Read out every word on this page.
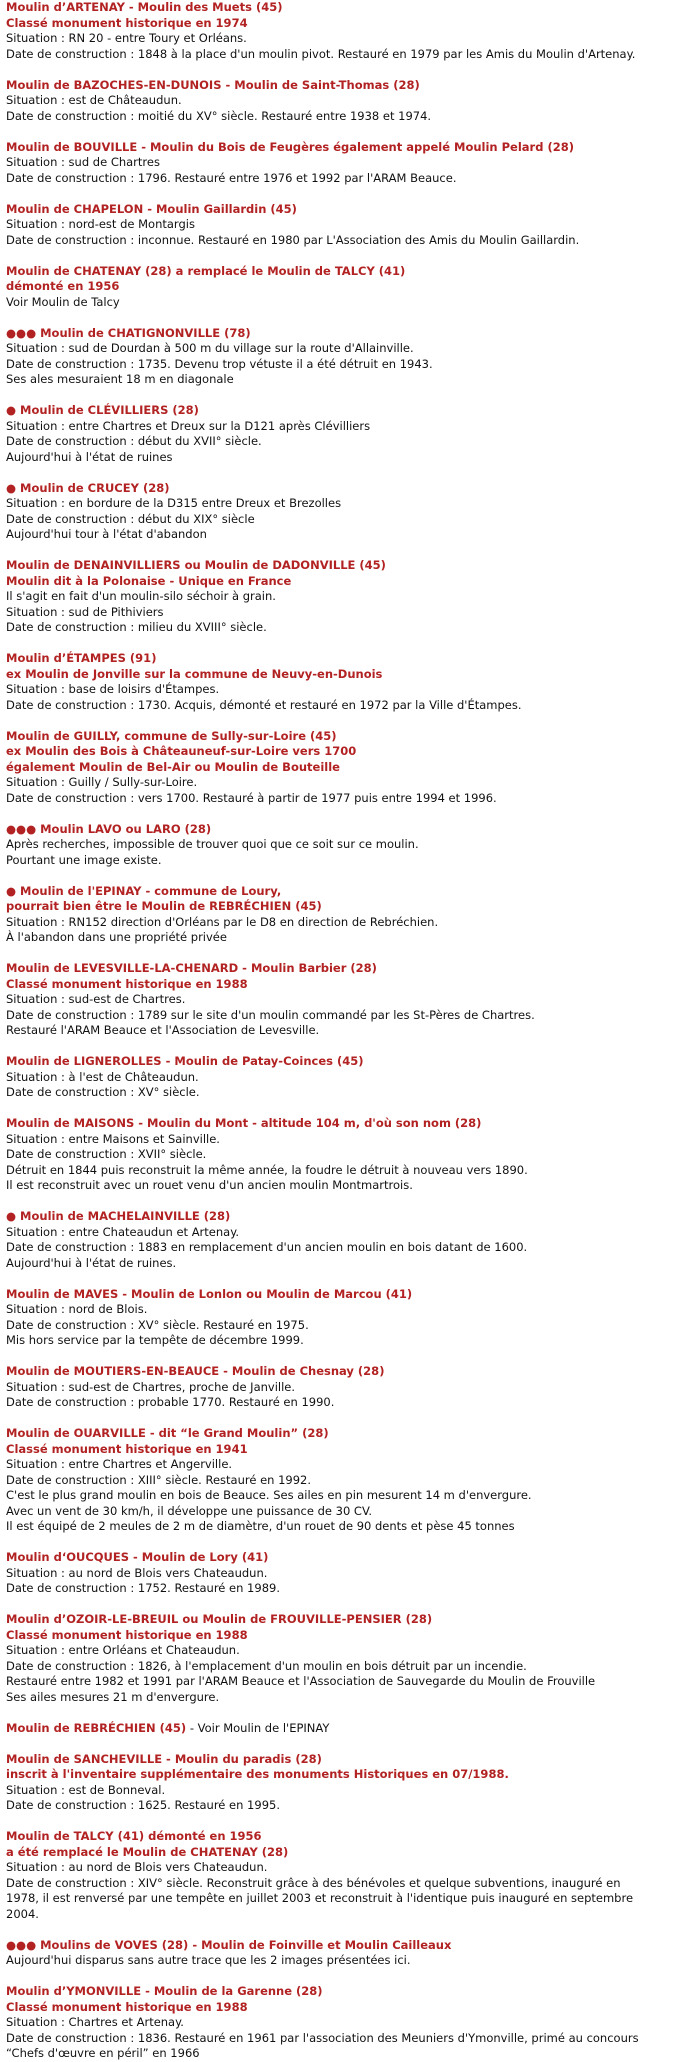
Moulin d’ARTENAY - Moulin des Muets (45)
Classé monument historique en 1974
Situation : RN 20 - entre Toury et Orléans.
Date de construction : 1848 à la place d'un moulin pivot. Restauré en 1979 par les Amis du Moulin d'Artenay.
Moulin de BAZOCHES-EN-DUNOIS - Moulin de Saint-Thomas (28)
Situation : est de Châteaudun.
Date de construction : moitié du XV° siècle. Restauré entre 1938 et 1974.
Moulin de BOUVILLE - Moulin du Bois de Feugères également appelé Moulin Pelard (28)
Situation : sud de Chartres
Date de construction : 1796. Restauré entre 1976 et 1992 par l'ARAM Beauce.
Moulin de CHAPELON - Moulin Gaillardin (45)
Situation : nord-est de Montargis
Date de construction : inconnue. Restauré en 1980 par L'Association des Amis du Moulin Gaillardin.
Moulin de CHATENAY (28) a remplacé le Moulin de TALCY (41)
démonté en 1956
Voir Moulin de Talcy
●●● Moulin de CHATIGNONVILLE (78)
Situation : sud de Dourdan à 500 m du village sur la route d'Allainville.
Date de construction : 1735. Devenu trop vétuste il a été détruit en 1943.
Ses ales mesuraient 18 m en diagonale
● Moulin de CLÉVILLIERS (28)
Situation : entre Chartres et Dreux sur la D121 après Clévilliers
Date de construction : début du XVII° siècle.
Aujourd'hui à l'état de ruines
● Moulin de CRUCEY (28)
Situation : en bordure de la D315 entre Dreux et Brezolles
Date de construction : début du XIX° siècle
Aujourd'hui tour à l'état d'abandon
Moulin de DENAINVILLIERS ou Moulin de DADONVILLE (45)
Moulin dit à la Polonaise - Unique en France
Il s'agit en fait d'un moulin-silo séchoir à grain.
Situation : sud de Pithiviers
Date de construction : milieu du XVIII° siècle.
Moulin d’ÉTAMPES (91)
ex Moulin de Jonville sur la commune de Neuvy-en-Dunois
Situation : base de loisirs d'Étampes.
Date de construction : 1730. Acquis, démonté et restauré en 1972 par la Ville d'Étampes.
Moulin de GUILLY, commune de Sully-sur-Loire (45)
ex Moulin des Bois à Châteauneuf-sur-Loire vers 1700
également Moulin de Bel-Air ou Moulin de Bouteille
Situation : Guilly / Sully-sur-Loire.
Date de construction : vers 1700. Restauré à partir de 1977 puis entre 1994 et 1996.
●●● Moulin LAVO ou LARO (28)
Après recherches, impossible de trouver quoi que ce soit sur ce moulin.
Pourtant une image existe.
● Moulin de l'EPINAY - commune de Loury,
pourrait bien être le Moulin de REBRÉCHIEN (45)
Situation : RN152 direction d'Orléans par le D8 en direction de Rebréchien.
À l'abandon dans une propriété privée
Moulin de LEVESVILLE-LA-CHENARD - Moulin Barbier (28)
Classé monument historique en 1988
Situation : sud-est de Chartres.
Date de construction : 1789 sur le site d'un moulin commandé par les St-Pères de Chartres.
Restauré l'ARAM Beauce et l'Association de Levesville.
Moulin de LIGNEROLLES - Moulin de Patay-Coinces (45)
Situation : à l'est de Châteaudun.
Date de construction : XV° siècle.
Moulin de MAISONS - Moulin du Mont - altitude 104 m, d'où son nom (28)
Situation : entre Maisons et Sainville.
Date de construction : XVII° siècle.
Détruit en 1844 puis reconstruit la même année, la foudre le détruit à nouveau vers 1890.
Il est reconstruit avec un rouet venu d'un ancien moulin Montmartrois.
● Moulin de MACHELAINVILLE (28)
Situation : entre Chateaudun et Artenay.
Date de construction : 1883 en remplacement d'un ancien moulin en bois datant de 1600.
Aujourd'hui à l'état de ruines.
Moulin de MAVES - Moulin de Lonlon ou Moulin de Marcou (41)
Situation : nord de Blois.
Date de construction : XV° siècle. Restauré en 1975.
Mis hors service par la tempête de décembre 1999.
Moulin de MOUTIERS-EN-BEAUCE - Moulin de Chesnay (28)
Situation : sud-est de Chartres, proche de Janville.
Date de construction : probable 1770. Restauré en 1990.
Moulin de OUARVILLE - dit “le Grand Moulin” (28)
Classé monument historique en 1941
Situation : entre Chartres et Angerville.
Date de construction : XIII° siècle. Restauré en 1992.
C'est le plus grand moulin en bois de Beauce. Ses ailes en pin mesurent 14 m d'envergure.
Avec un vent de 30 km/h, il développe une puissance de 30 CV.
Il est équipé de 2 meules de 2 m de diamètre, d'un rouet de 90 dents et pèse 45 tonnes
Moulin d‘OUCQUES - Moulin de Lory (41)
Situation : au nord de Blois vers Chateaudun.
Date de construction : 1752. Restauré en 1989.
Moulin d’OZOIR-LE-BREUIL ou Moulin de FROUVILLE-PENSIER (28)
Classé monument historique en 1988
Situation : entre Orléans et Chateaudun.
Date de construction : 1826, à l'emplacement d'un moulin en bois détruit par un incendie.
Restauré entre 1982 et 1991 par l'ARAM Beauce et l'Association de Sauvegarde du Moulin de Frouville
Ses ailes mesures 21 m d'envergure.
Moulin de REBRÉCHIEN (45) - Voir Moulin de l'EPINAY
Moulin de SANCHEVILLE - Moulin du paradis (28)
inscrit à l'inventaire supplémentaire des monuments Historiques en 07/1988.
Situation : est de Bonneval.
Date de construction : 1625. Restauré en 1995.
Moulin de TALCY (41) démonté en 1956
a été remplacé le Moulin de CHATENAY (28)
Situation : au nord de Blois vers Chateaudun.
Date de construction : XIV° siècle. Reconstruit grâce à des bénévoles et quelque subventions, inauguré en
1978, il est renversé par une tempête en juillet 2003 et reconstruit à l'identique puis inauguré en septembre
2004.
●●● Moulins de VOVES (28) - Moulin de Foinville et Moulin Cailleaux
Aujourd'hui disparus sans autre trace que les 2 images présentées ici.
Moulin d’YMONVILLE - Moulin de la Garenne (28)
Classé monument historique en 1988
Situation : Chartres et Artenay.
Date de construction : 1836. Restauré en 1961 par l'association des Meuniers d'Ymonville, primé au concours
“Chefs d'œuvre en péril” en 1966
